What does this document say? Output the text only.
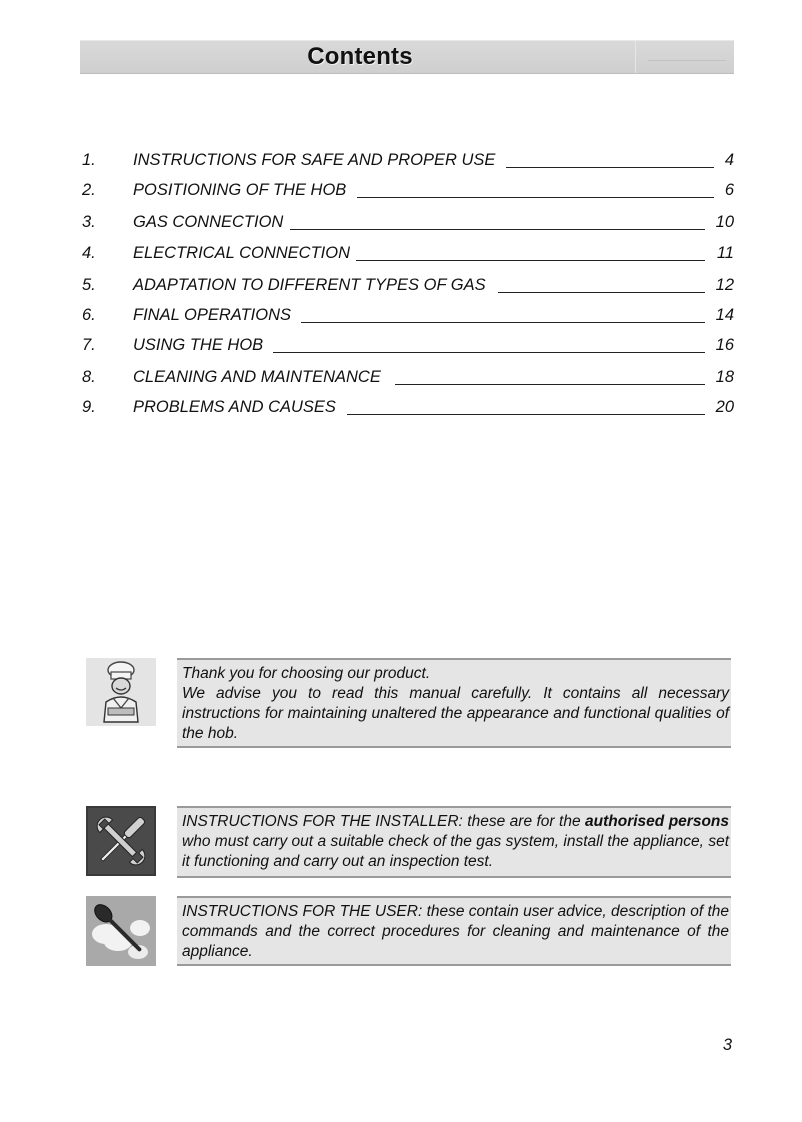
Contents
1. INSTRUCTIONS FOR SAFE AND PROPER USE	4
2. POSITIONING OF THE HOB	6
3. GAS CONNECTION	10
4. ELECTRICAL CONNECTION	11
5. ADAPTATION TO DIFFERENT TYPES OF GAS	12
6. FINAL OPERATIONS	14
7. USING THE HOB	16
8. CLEANING AND MAINTENANCE	18
9. PROBLEMS AND CAUSES	20

Thank you for choosing our product.

We advise you to read this manual carefully. It contains all necessary instructions for maintaining unaltered the appearance and functional qualities of the hob.

INSTRUCTIONS FOR THE INSTALLER: these are for the authorised persons who must carry out a suitable check of the gas system, install the appliance, set it functioning and carry out an inspection test.

INSTRUCTIONS FOR THE USER: these contain user advice, description of the commands and the correct procedures for cleaning and maintenance of the appliance.

3
